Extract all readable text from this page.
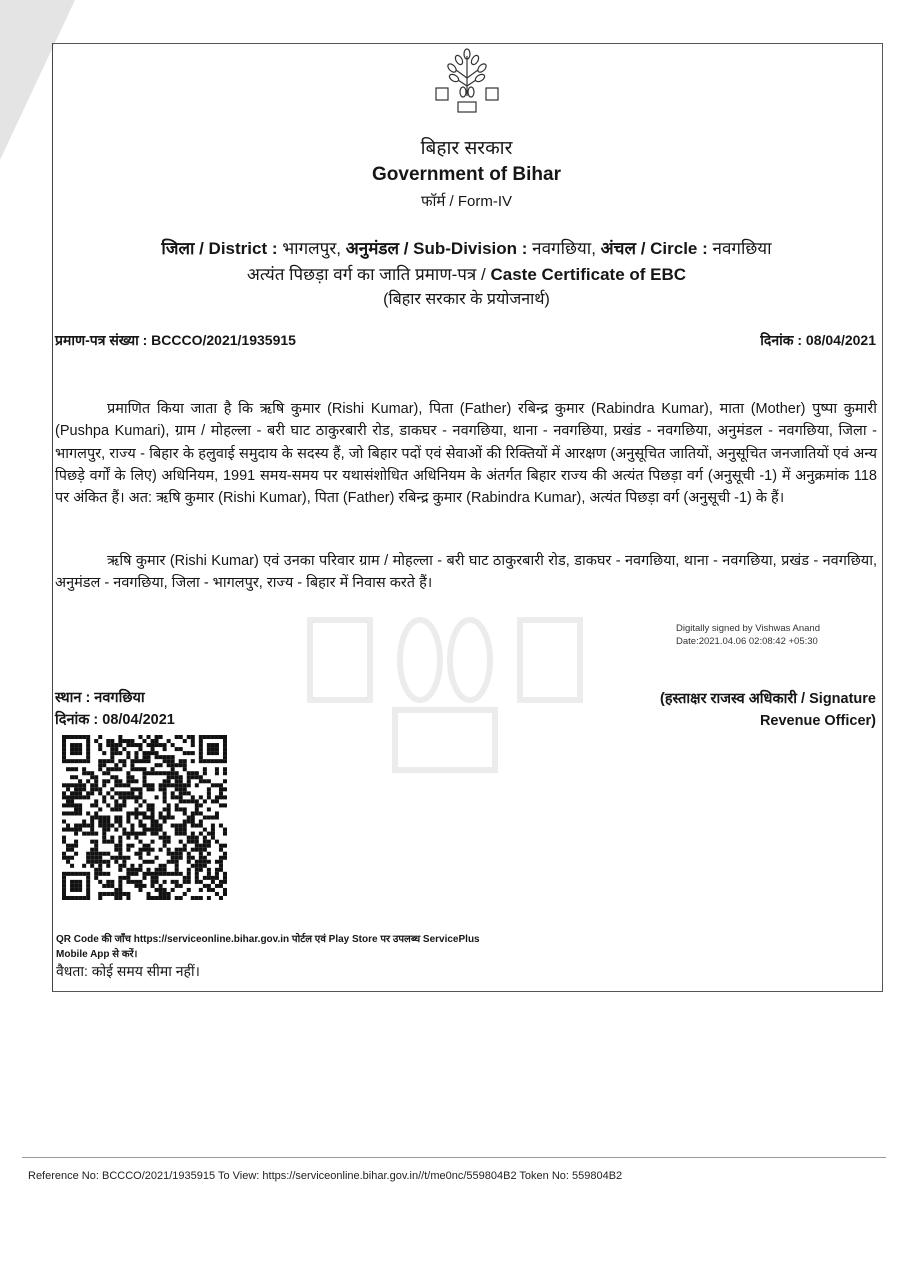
बिहार सरकार
Government of Bihar
फॉर्म / Form-IV
जिला / District : भागलपुर, अनुमंडल / Sub-Division : नवगछिया, अंचल / Circle : नवगछिया
अत्यंत पिछड़ा वर्ग का जाति प्रमाण-पत्र / Caste Certificate of EBC
(बिहार सरकार के प्रयोजनार्थ)
प्रमाण-पत्र संख्या : BCCCO/2021/1935915	दिनांक : 08/04/2021
प्रमाणित किया जाता है कि ऋषि कुमार (Rishi Kumar), पिता (Father) रबिन्द्र कुमार (Rabindra Kumar), माता (Mother) पुष्पा कुमारी (Pushpa Kumari), ग्राम / मोहल्ला - बरी घाट ठाकुरबारी रोड, डाकघर - नवगछिया, थाना - नवगछिया, प्रखंड - नवगछिया, अनुमंडल - नवगछिया, जिला - भागलपुर, राज्य - बिहार के हलुवाई समुदाय के सदस्य हैं, जो बिहार पदों एवं सेवाओं की रिक्तियों में आरक्षण (अनुसूचित जातियों, अनुसूचित जनजातियों एवं अन्य पिछड़े वर्गों के लिए) अधिनियम, 1991 समय-समय पर यथासंशोधित अधिनियम के अंतर्गत बिहार राज्य की अत्यंत पिछड़ा वर्ग (अनुसूची -1) में अनुक्रमांक 118 पर अंकित हैं। अत: ऋषि कुमार (Rishi Kumar), पिता (Father) रबिन्द्र कुमार (Rabindra Kumar), अत्यंत पिछड़ा वर्ग (अनुसूची -1) के हैं।
ऋषि कुमार (Rishi Kumar) एवं उनका परिवार ग्राम / मोहल्ला - बरी घाट ठाकुरबारी रोड, डाकघर - नवगछिया, थाना - नवगछिया, प्रखंड - नवगछिया, अनुमंडल - नवगछिया, जिला - भागलपुर, राज्य - बिहार में निवास करते हैं।
Digitally signed by Vishwas Anand
Date:2021.04.06 02:08:42 +05:30
(हस्ताक्षर राजस्व अधिकारी / Signature
Revenue Officer)
स्थान : नवगछिया
दिनांक : 08/04/2021
QR Code की जाँच https://serviceonline.bihar.gov.in पोर्टल एवं Play Store पर उपलब्ध ServicePlus
Mobile App से करें।
वैधता: कोई समय सीमा नहीं।
Reference No: BCCCO/2021/1935915 To View: https://serviceonline.bihar.gov.in//t/me0nc/559804B2 Token No: 559804B2
